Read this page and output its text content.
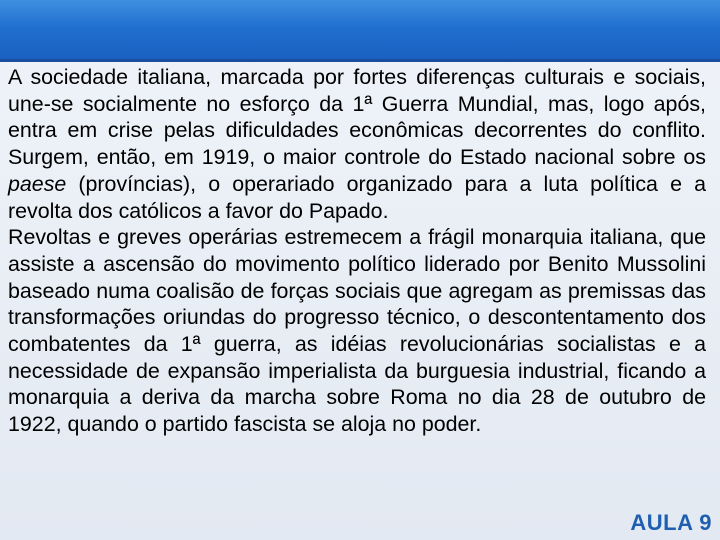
A sociedade italiana, marcada por fortes diferenças culturais e sociais, une-se socialmente no esforço da 1ª Guerra Mundial, mas, logo após, entra em crise pelas dificuldades econômicas decorrentes do conflito. Surgem, então, em 1919, o maior controle do Estado nacional sobre os paese (províncias), o operariado organizado para a luta política e a revolta dos católicos a favor do Papado.

Revoltas e greves operárias estremecem a frágil monarquia italiana, que assiste a ascensão do movimento político liderado por Benito Mussolini baseado numa coalisão de forças sociais que agregam as premissas das transformações oriundas do progresso técnico, o descontentamento dos combatentes da 1ª guerra, as idéias revolucionárias socialistas e a necessidade de expansão imperialista da burguesia industrial, ficando a monarquia a deriva da marcha sobre Roma no dia 28 de outubro de 1922, quando o partido fascista se aloja no poder.

AULA 9
